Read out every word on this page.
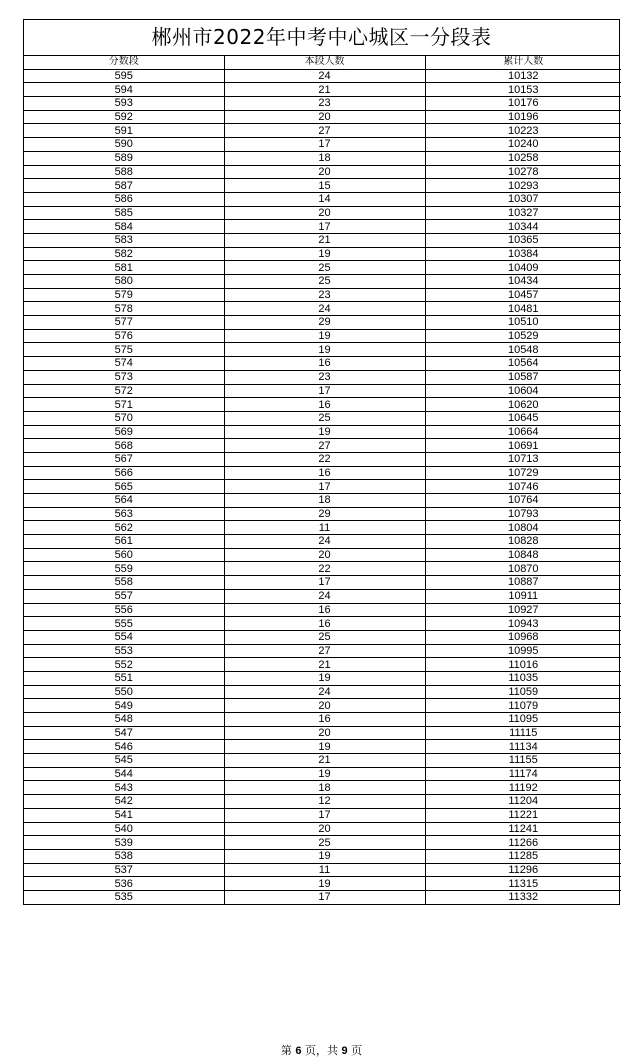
郴州市2022年中考中心城区一分段表
分数段	本段人数	累计人数
595	24	10132
594	21	10153
593	23	10176
592	20	10196
591	27	10223
590	17	10240
589	18	10258
588	20	10278
587	15	10293
586	14	10307
585	20	10327
584	17	10344
583	21	10365
582	19	10384
581	25	10409
580	25	10434
579	23	10457
578	24	10481
577	29	10510
576	19	10529
575	19	10548
574	16	10564
573	23	10587
572	17	10604
571	16	10620
570	25	10645
569	19	10664
568	27	10691
567	22	10713
566	16	10729
565	17	10746
564	18	10764
563	29	10793
562	11	10804
561	24	10828
560	20	10848
559	22	10870
558	17	10887
557	24	10911
556	16	10927
555	16	10943
554	25	10968
553	27	10995
552	21	11016
551	19	11035
550	24	11059
549	20	11079
548	16	11095
547	20	11115
546	19	11134
545	21	11155
544	19	11174
543	18	11192
542	12	11204
541	17	11221
540	20	11241
539	25	11266
538	19	11285
537	11	11296
536	19	11315
535	17	11332
第 6 页，共 9 页
